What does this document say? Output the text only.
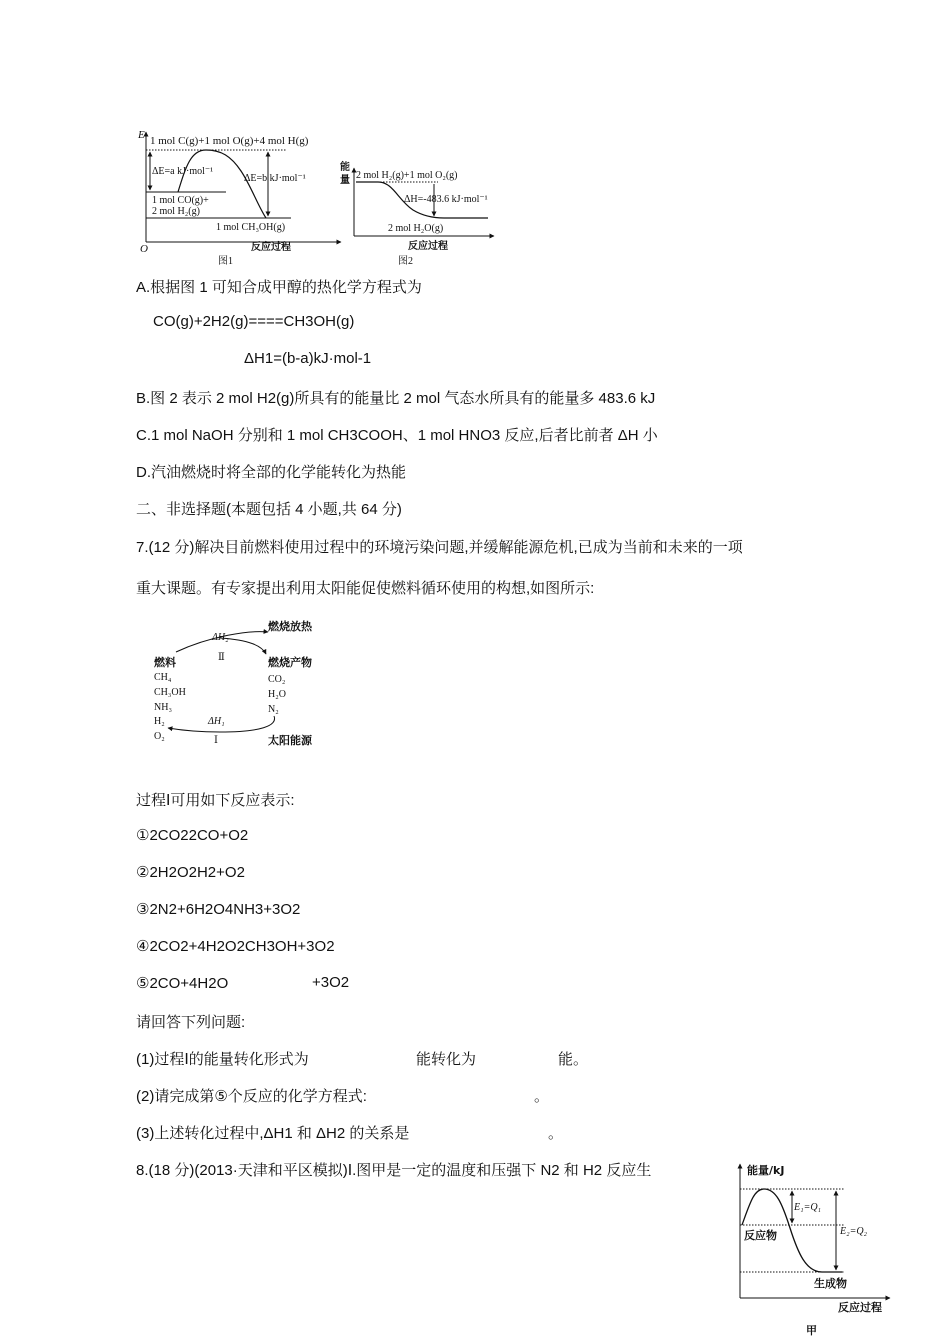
E
O
1 mol C(g)+1 mol O(g)+4 mol H(g)
ΔE=a kJ·mol⁻¹
ΔE=b kJ·mol⁻¹
1 mol CO(g)+
2 mol H₂(g)
1 mol CH₃OH(g)
反应过程
图1
能
量 2 mol H₂(g)+1 mol O₂(g)
ΔH=-483.6 kJ·mol⁻¹
2 mol H₂O(g)
反应过程
图2
A.根据图 1 可知合成甲醇的热化学方程式为
CO(g)+2H2(g)====CH3OH(g)
ΔH1=(b-a)kJ·mol-1
B.图 2 表示 2 mol H2(g)所具有的能量比 2 mol 气态水所具有的能量多 483.6 kJ
C.1 mol NaOH 分别和 1 mol CH3COOH、1 mol HNO3 反应,后者比前者 ΔH 小
D.汽油燃烧时将全部的化学能转化为热能
二、非选择题(本题包括 4 小题,共 64 分)
7.(12 分)解决目前燃料使用过程中的环境污染问题,并缓解能源危机,已成为当前和未来的一项
重大课题。有专家提出利用太阳能促使燃料循环使用的构想,如图所示:
ΔH₂
Ⅱ
燃烧放热
燃料
CH₄
CH₃OH
NH₃
H₂
O₂
燃烧产物
CO₂
H₂O
N₂
ΔH₁
Ⅰ	太阳能源
过程Ⅰ可用如下反应表示:
①2CO22CO+O2
②2H2O2H2+O2
③2N2+6H2O4NH3+3O2
④2CO2+4H2O2CH3OH+3O2
⑤2CO+4H2O	+3O2
请回答下列问题:
(1)过程Ⅰ的能量转化形式为	能转化为	能。
(2)请完成第⑤个反应的化学方程式:	。
(3)上述转化过程中,ΔH1 和 ΔH2 的关系是	。
8.(18 分)(2013·天津和平区模拟)Ⅰ.图甲是一定的温度和压强下 N2 和 H2 反应生	能量/kJ
E₁=Q₁
E₂=Q₂
反应物
生成物
反应过程
甲
